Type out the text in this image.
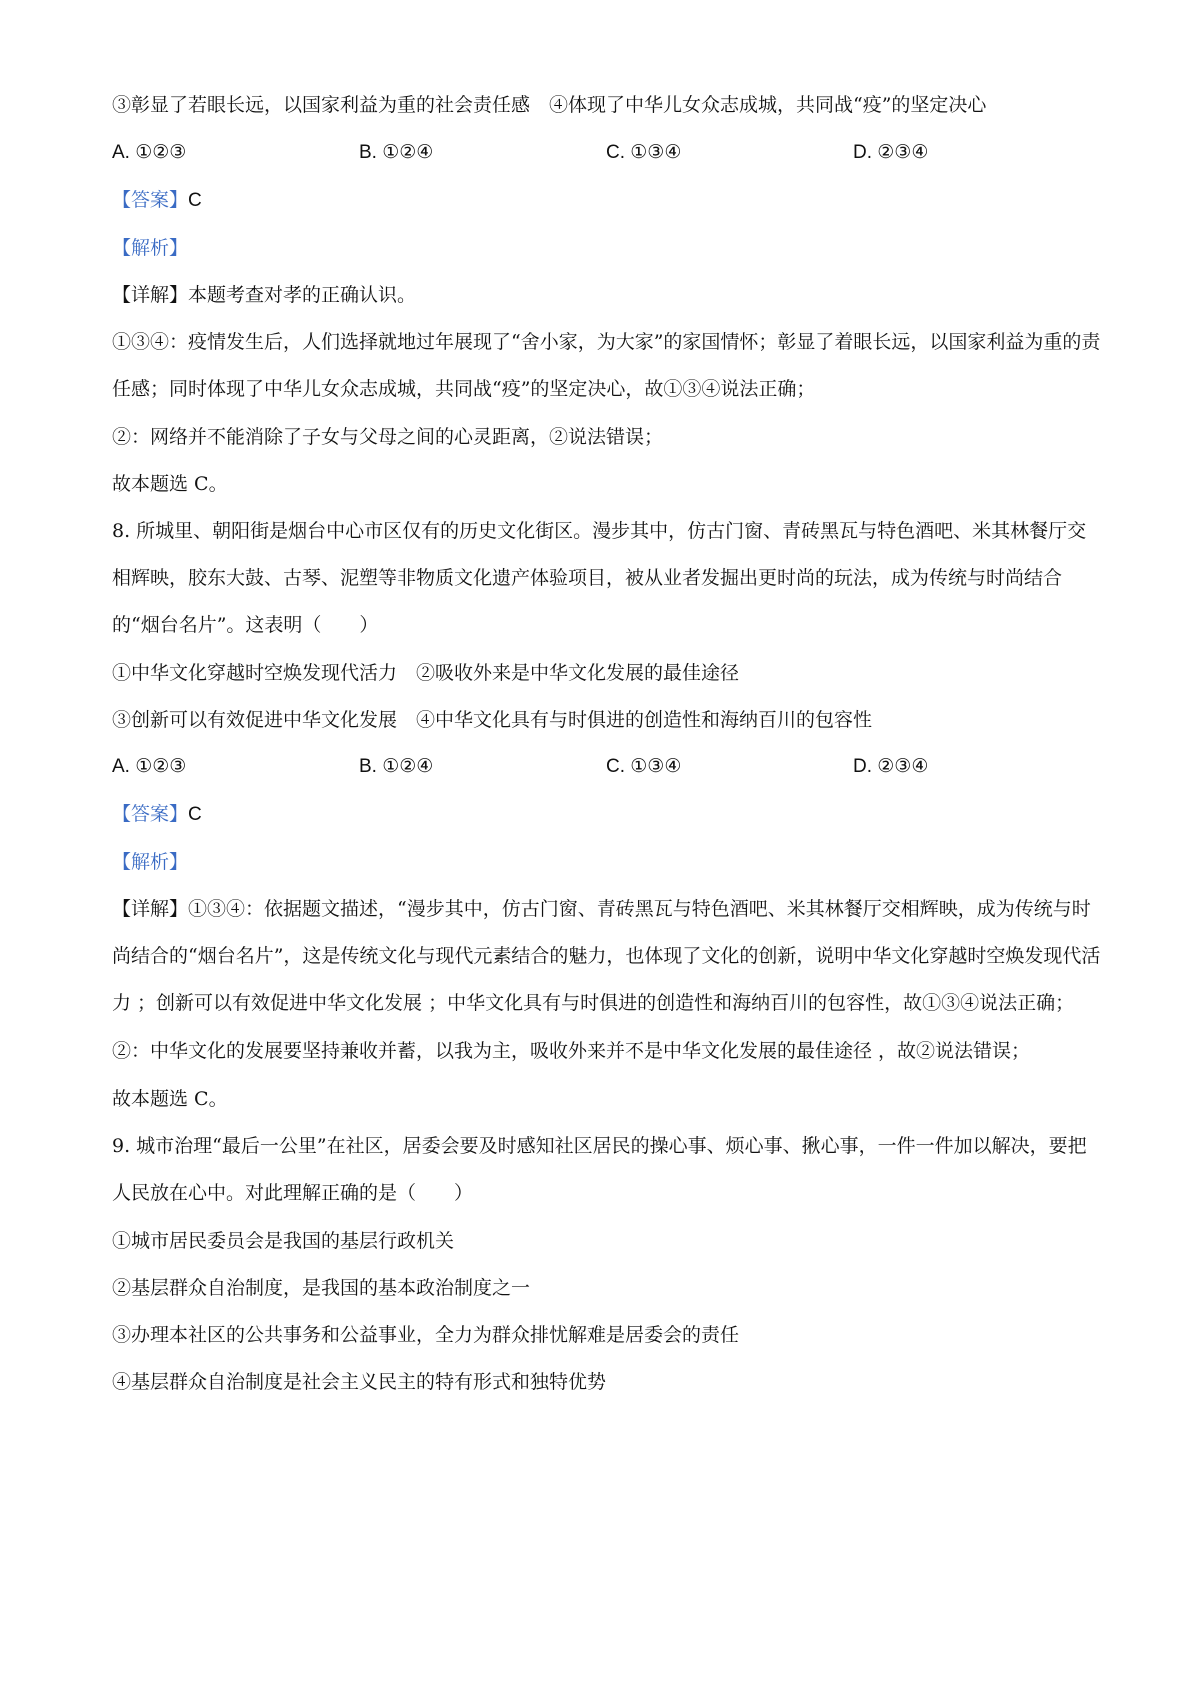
③彰显了若眼长远，以国家利益为重的社会责任感　④体现了中华儿女众志成城，共同战“疫”的坚定决心
A. ①②③	B. ①②④	C. ①③④	D. ②③④
【答案】C
【解析】
【详解】本题考查对孝的正确认识。
①③④：疫情发生后，人们选择就地过年展现了“舍小家，为大家”的家国情怀；彰显了着眼长远，以国家利益为重的责任感；同时体现了中华儿女众志成城，共同战“疫”的坚定决心，故①③④说法正确；
②：网络并不能消除了子女与父母之间的心灵距离，②说法错误；
故本题选 C。
8. 所城里、朝阳街是烟台中心市区仅有的历史文化街区。漫步其中，仿古门窗、青砖黑瓦与特色酒吧、米其林餐厅交相辉映，胶东大鼓、古琴、泥塑等非物质文化遗产体验项目，被从业者发掘出更时尚的玩法，成为传统与时尚结合的“烟台名片”。这表明（　　）
①中华文化穿越时空焕发现代活力　②吸收外来是中华文化发展的最佳途径
③创新可以有效促进中华文化发展　④中华文化具有与时俱进的创造性和海纳百川的包容性
A. ①②③	B. ①②④	C. ①③④	D. ②③④
【答案】C
【解析】
【详解】①③④：依据题文描述，“漫步其中，仿古门窗、青砖黑瓦与特色酒吧、米其林餐厅交相辉映，成为传统与时尚结合的“烟台名片”，这是传统文化与现代元素结合的魅力，也体现了文化的创新，说明中华文化穿越时空焕发现代活力 ；创新可以有效促进中华文化发展 ；中华文化具有与时俱进的创造性和海纳百川的包容性，故①③④说法正确；
②：中华文化的发展要坚持兼收并蓄，以我为主，吸收外来并不是中华文化发展的最佳途径 ，故②说法错误；
故本题选 C。
9. 城市治理“最后一公里”在社区，居委会要及时感知社区居民的操心事、烦心事、揪心事，一件一件加以解决，要把人民放在心中。对此理解正确的是（　　）
①城市居民委员会是我国的基层行政机关
②基层群众自治制度，是我国的基本政治制度之一
③办理本社区的公共事务和公益事业，全力为群众排忧解难是居委会的责任
④基层群众自治制度是社会主义民主的特有形式和独特优势
